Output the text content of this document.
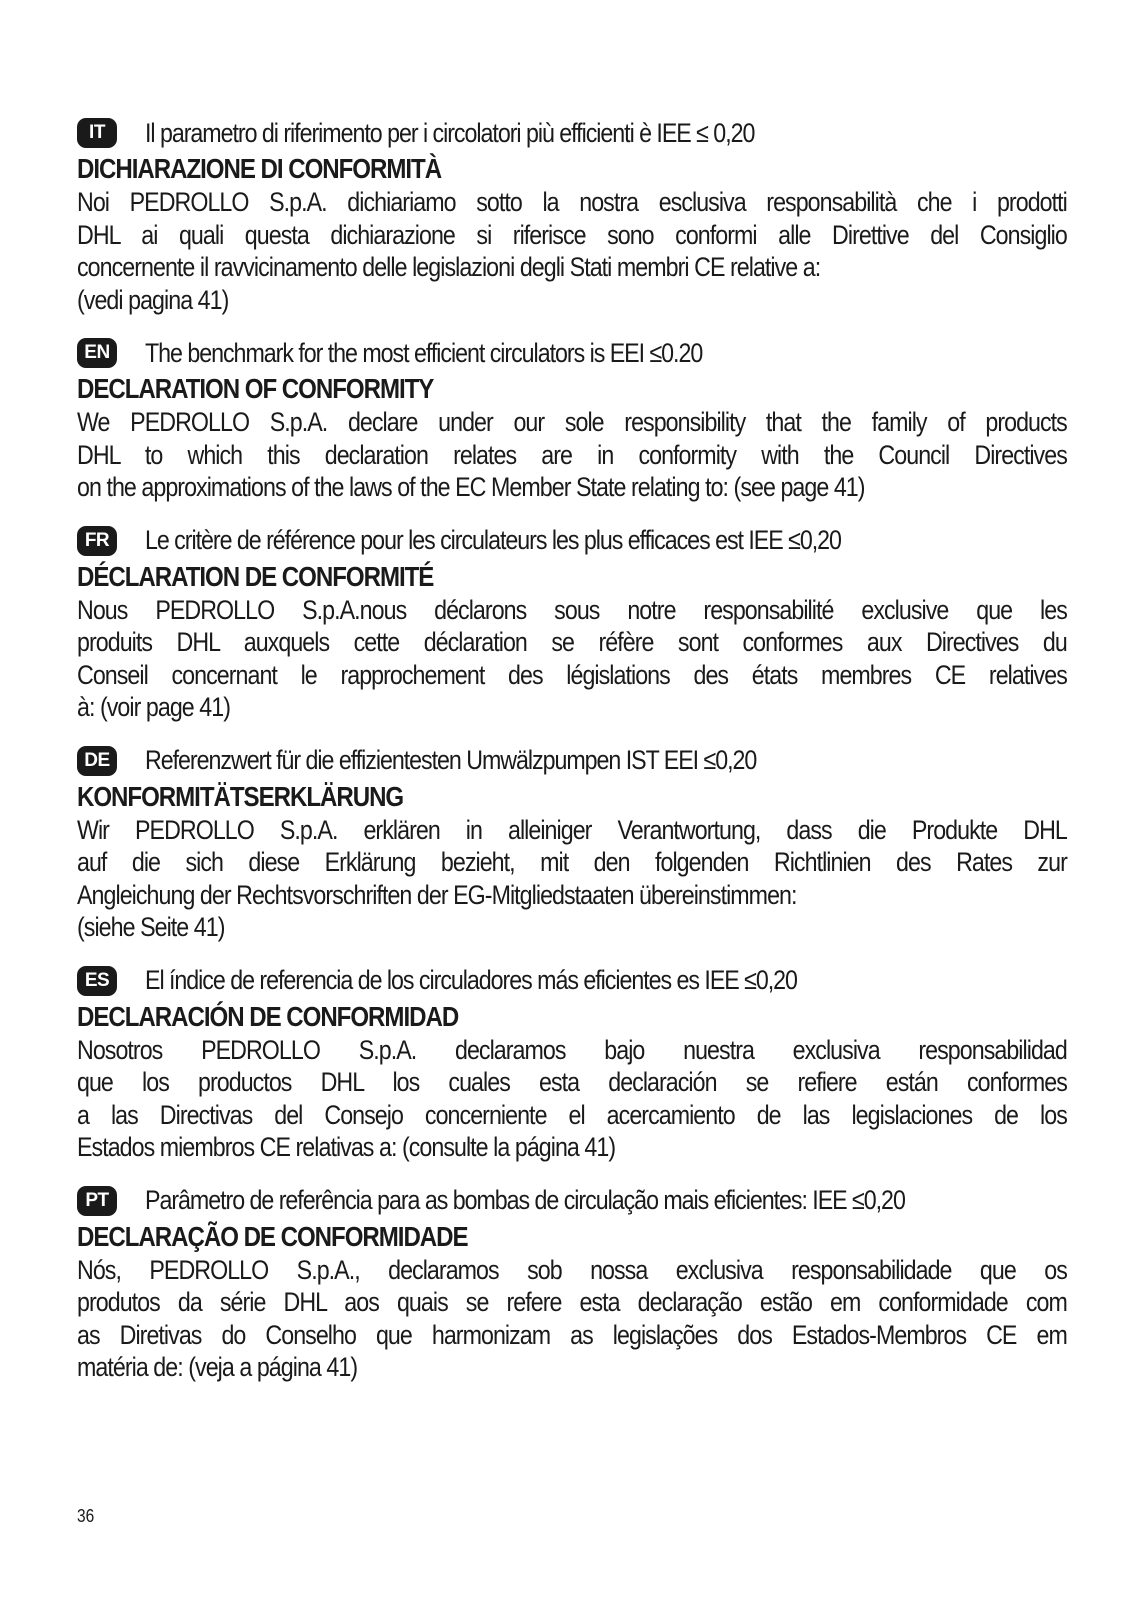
IT	Il parametro di riferimento per i circolatori più efficienti è IEE ≤ 0,20
DICHIARAZIONE DI CONFORMITÀ
Noi PEDROLLO S.p.A. dichiariamo sotto la nostra esclusiva responsabilità che i prodotti
DHL ai quali questa dichiarazione si riferisce sono conformi alle Direttive del Consiglio
concernente il ravvicinamento delle legislazioni degli Stati membri CE relative a:
(vedi pagina 41)
EN The benchmark for the most efficient circulators is EEI ≤0.20
DECLARATION OF CONFORMITY
We PEDROLLO S.p.A. declare under our sole responsibility that the family of products
DHL to which this declaration relates are in conformity with the Council Directives
on the approximations of the laws of the EC Member State relating to: (see page 41)
FR Le critère de référence pour les circulateurs les plus efficaces est IEE ≤0,20
DÉCLARATION DE CONFORMITÉ
Nous PEDROLLO S.p.A.nous déclarons sous notre responsabilité exclusive que les
produits DHL auxquels cette déclaration se réfère sont conformes aux Directives du
Conseil concernant le rapprochement des législations des états membres CE relatives
à: (voir page 41)
DE Referenzwert für die effizientesten Umwälzpumpen IST EEI ≤0,20
KONFORMITÄTSERKLÄRUNG
Wir PEDROLLO S.p.A. erklären in alleiniger Verantwortung, dass die Produkte DHL
auf die sich diese Erklärung bezieht, mit den folgenden Richtlinien des Rates zur
Angleichung der Rechtsvorschriften der EG-Mitgliedstaaten übereinstimmen:
(siehe Seite 41)
ES El índice de referencia de los circuladores más eficientes es IEE ≤0,20
DECLARACIÓN DE CONFORMIDAD
Nosotros PEDROLLO S.p.A. declaramos bajo nuestra exclusiva responsabilidad
que los productos DHL los cuales esta declaración se refiere están conformes
a las Directivas del Consejo concerniente el acercamiento de las legislaciones de los
Estados miembros CE relativas a: (consulte la página 41)
PT	Parâmetro de referência para as bombas de circulação mais eficientes: IEE ≤0,20
DECLARAÇÃO DE CONFORMIDADE
Nós, PEDROLLO S.p.A., declaramos sob nossa exclusiva responsabilidade que os
produtos da série DHL aos quais se refere esta declaração estão em conformidade com
as Diretivas do Conselho que harmonizam as legislações dos Estados-Membros CE em
matéria de: (veja a página 41)
36
